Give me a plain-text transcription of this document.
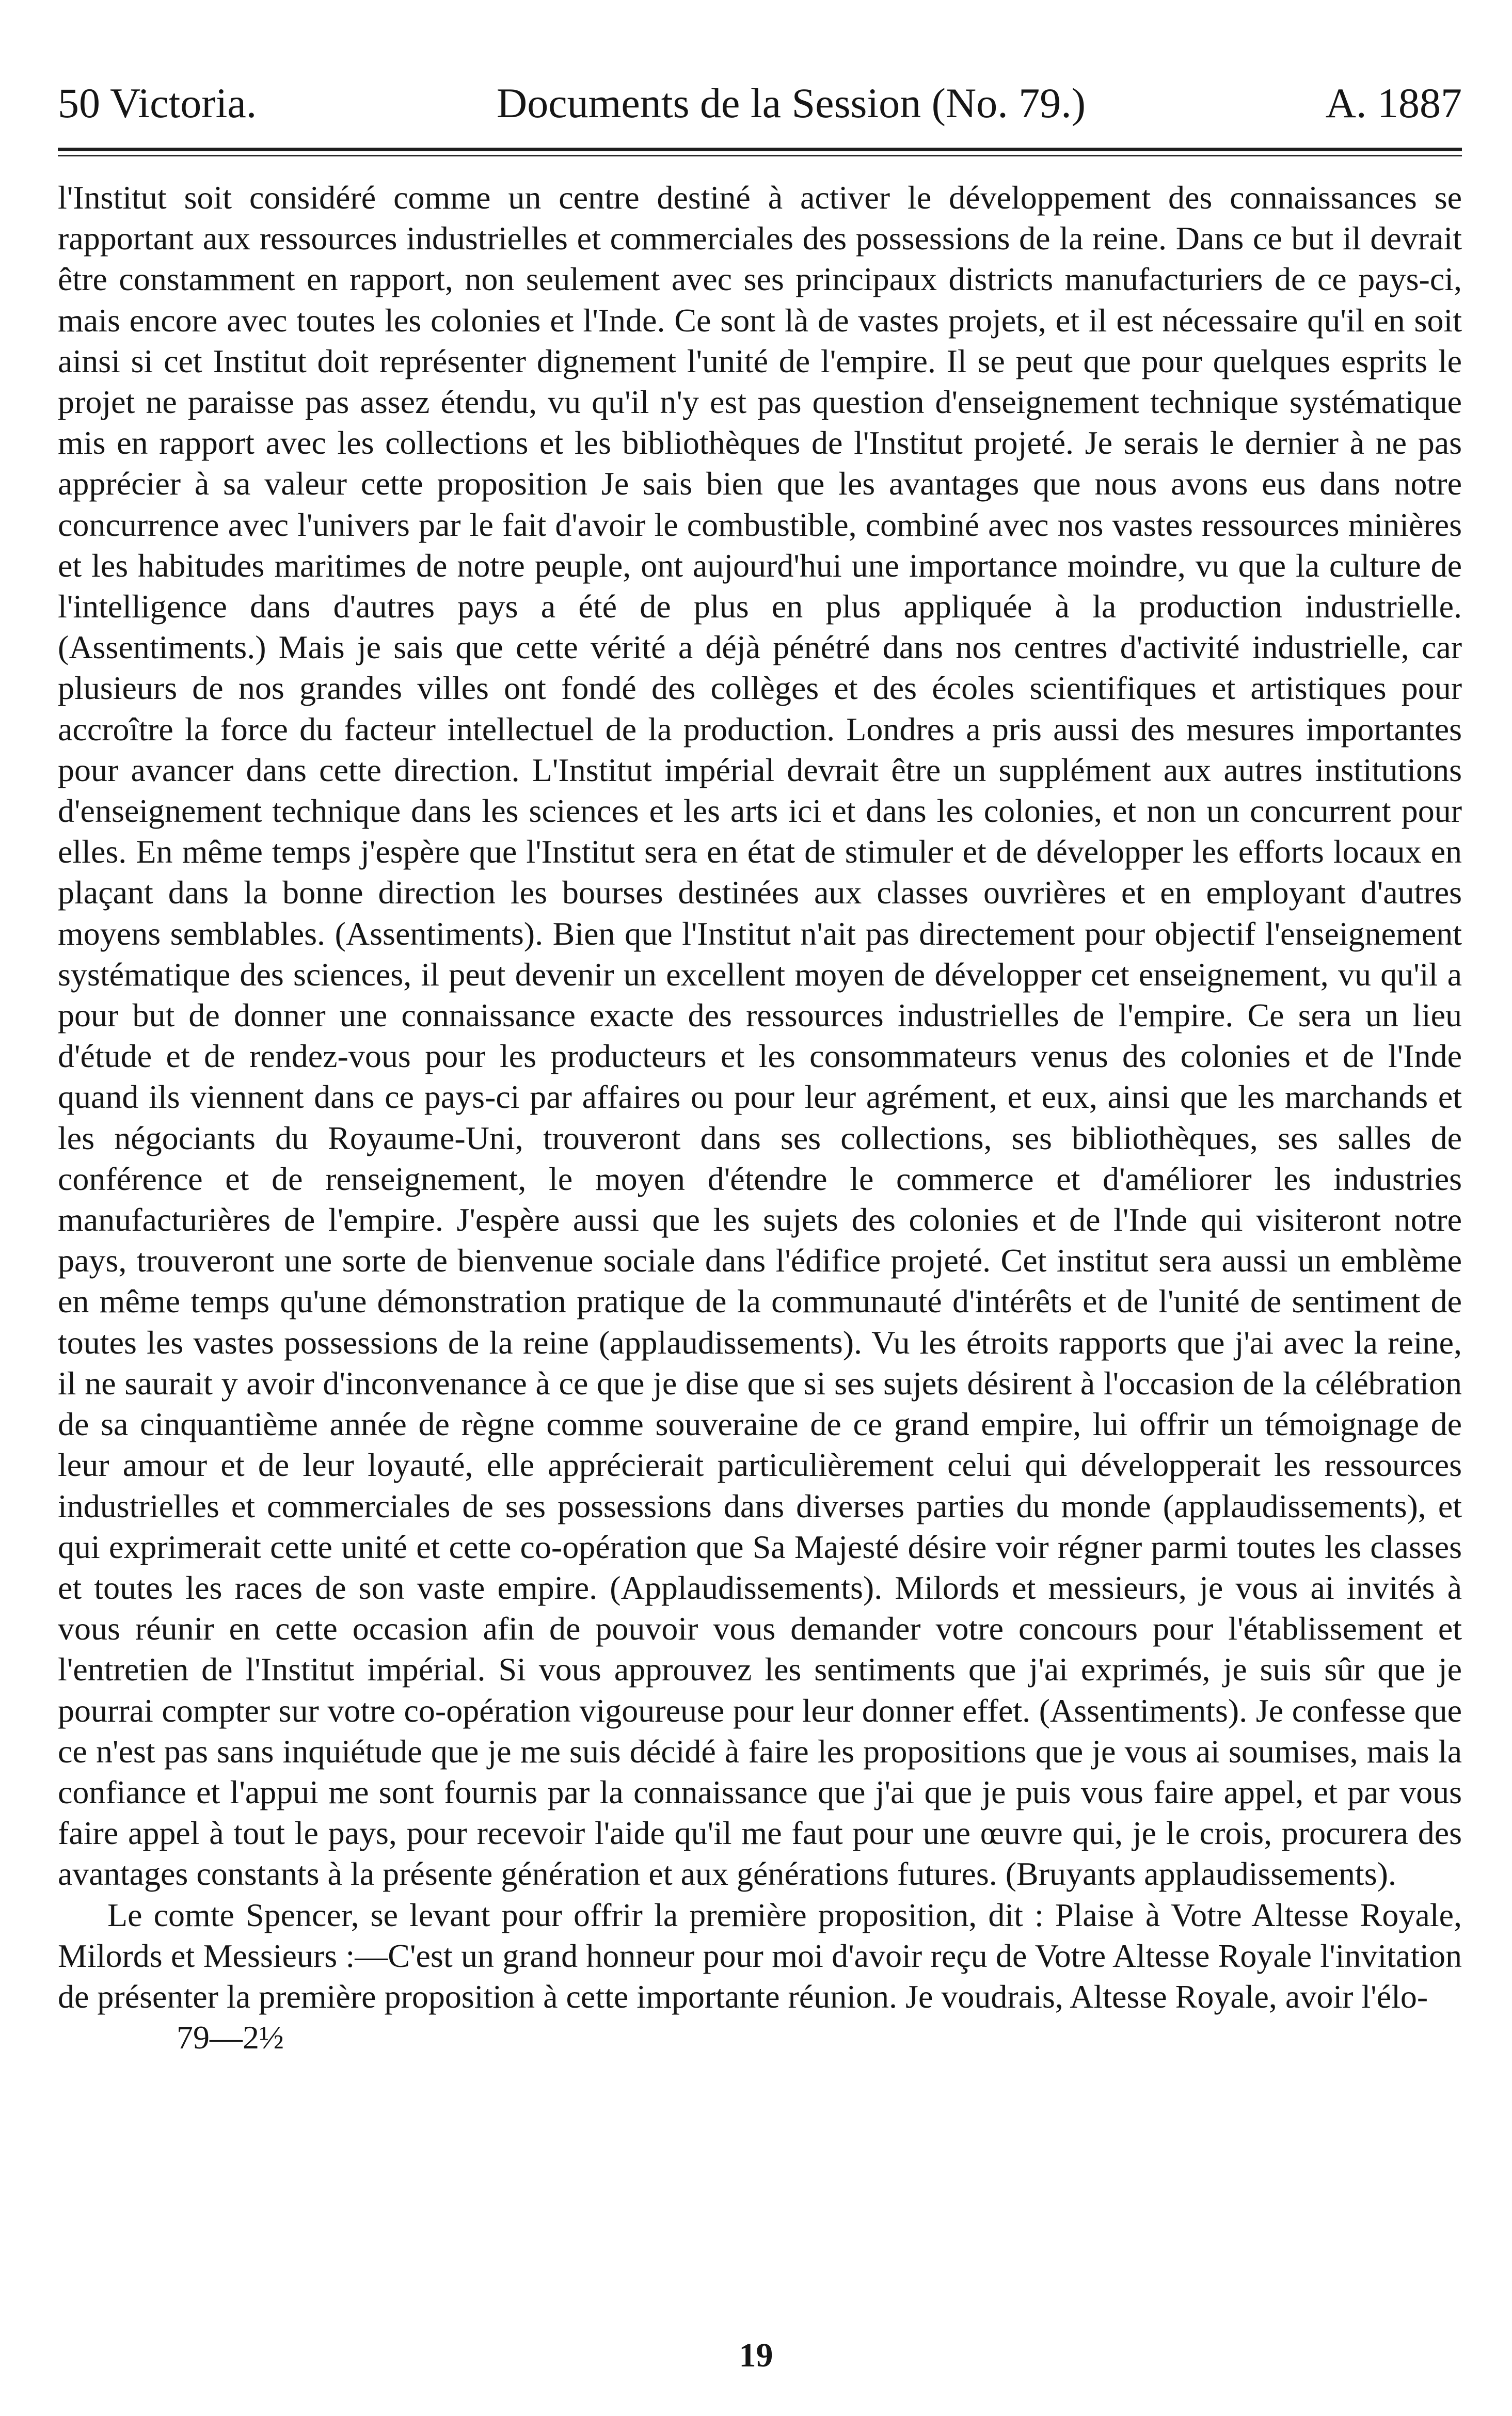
50 Victoria.	Documents de la Session (No. 79.)	A. 1887

l'Institut soit considéré comme un centre destiné à activer le développement des connaissances se rapportant aux ressources industrielles et commerciales des possessions de la reine. Dans ce but il devrait être constamment en rapport, non seulement avec ses principaux districts manufacturiers de ce pays-ci, mais encore avec toutes les colonies et l'Inde. Ce sont là de vastes projets, et il est nécessaire qu'il en soit ainsi si cet Institut doit représenter dignement l'unité de l'empire. Il se peut que pour quelques esprits le projet ne paraisse pas assez étendu, vu qu'il n'y est pas question d'enseignement technique systématique mis en rapport avec les collections et les bibliothèques de l'Institut projeté. Je serais le dernier à ne pas apprécier à sa valeur cette proposition Je sais bien que les avantages que nous avons eus dans notre concurrence avec l'univers par le fait d'avoir le combustible, combiné avec nos vastes ressources minières et les habitudes maritimes de notre peuple, ont aujourd'hui une importance moindre, vu que la culture de l'intelligence dans d'autres pays a été de plus en plus appliquée à la production industrielle. (Assentiments.) Mais je sais que cette vérité a déjà pénétré dans nos centres d'activité industrielle, car plusieurs de nos grandes villes ont fondé des collèges et des écoles scientifiques et artistiques pour accroître la force du facteur intellectuel de la production. Londres a pris aussi des mesures importantes pour avancer dans cette direction. L'Institut impérial devrait être un supplément aux autres institutions d'enseignement technique dans les sciences et les arts ici et dans les colonies, et non un concurrent pour elles. En même temps j'espère que l'Institut sera en état de stimuler et de développer les efforts locaux en plaçant dans la bonne direction les bourses destinées aux classes ouvrières et en employant d'autres moyens semblables. (Assentiments). Bien que l'Institut n'ait pas directement pour objectif l'enseignement systématique des sciences, il peut devenir un excellent moyen de développer cet enseignement, vu qu'il a pour but de donner une connaissance exacte des ressources industrielles de l'empire. Ce sera un lieu d'étude et de rendez-vous pour les producteurs et les consommateurs venus des colonies et de l'Inde quand ils viennent dans ce pays-ci par affaires ou pour leur agrément, et eux, ainsi que les marchands et les négociants du Royaume-Uni, trouveront dans ses collections, ses bibliothèques, ses salles de conférence et de renseignement, le moyen d'étendre le commerce et d'améliorer les industries manufacturières de l'empire. J'espère aussi que les sujets des colonies et de l'Inde qui visiteront notre pays, trouveront une sorte de bienvenue sociale dans l'édifice projeté. Cet institut sera aussi un emblème en même temps qu'une démonstration pratique de la communauté d'intérêts et de l'unité de sentiment de toutes les vastes possessions de la reine (applaudissements). Vu les étroits rapports que j'ai avec la reine, il ne saurait y avoir d'inconvenance à ce que je dise que si ses sujets désirent à l'occasion de la célébration de sa cinquantième année de règne comme souveraine de ce grand empire, lui offrir un témoignage de leur amour et de leur loyauté, elle apprécierait particulièrement celui qui développerait les ressources industrielles et commerciales de ses possessions dans diverses parties du monde (applaudissements), et qui exprimerait cette unité et cette co-opération que Sa Majesté désire voir régner parmi toutes les classes et toutes les races de son vaste empire. (Applaudissements). Milords et messieurs, je vous ai invités à vous réunir en cette occasion afin de pouvoir vous demander votre concours pour l'établissement et l'entretien de l'Institut impérial. Si vous approuvez les sentiments que j'ai exprimés, je suis sûr que je pourrai compter sur votre co-opération vigoureuse pour leur donner effet. (Assentiments). Je confesse que ce n'est pas sans inquiétude que je me suis décidé à faire les propositions que je vous ai soumises, mais la confiance et l'appui me sont fournis par la connaissance que j'ai que je puis vous faire appel, et par vous faire appel à tout le pays, pour recevoir l'aide qu'il me faut pour une œuvre qui, je le crois, procurera des avantages constants à la présente génération et aux générations futures. (Bruyants applaudissements).

Le comte Spencer, se levant pour offrir la première proposition, dit : Plaise à Votre Altesse Royale, Milords et Messieurs :—C'est un grand honneur pour moi d'avoir reçu de Votre Altesse Royale l'invitation de présenter la première proposition à cette importante réunion. Je voudrais, Altesse Royale, avoir l'élo-

79—2½
19
